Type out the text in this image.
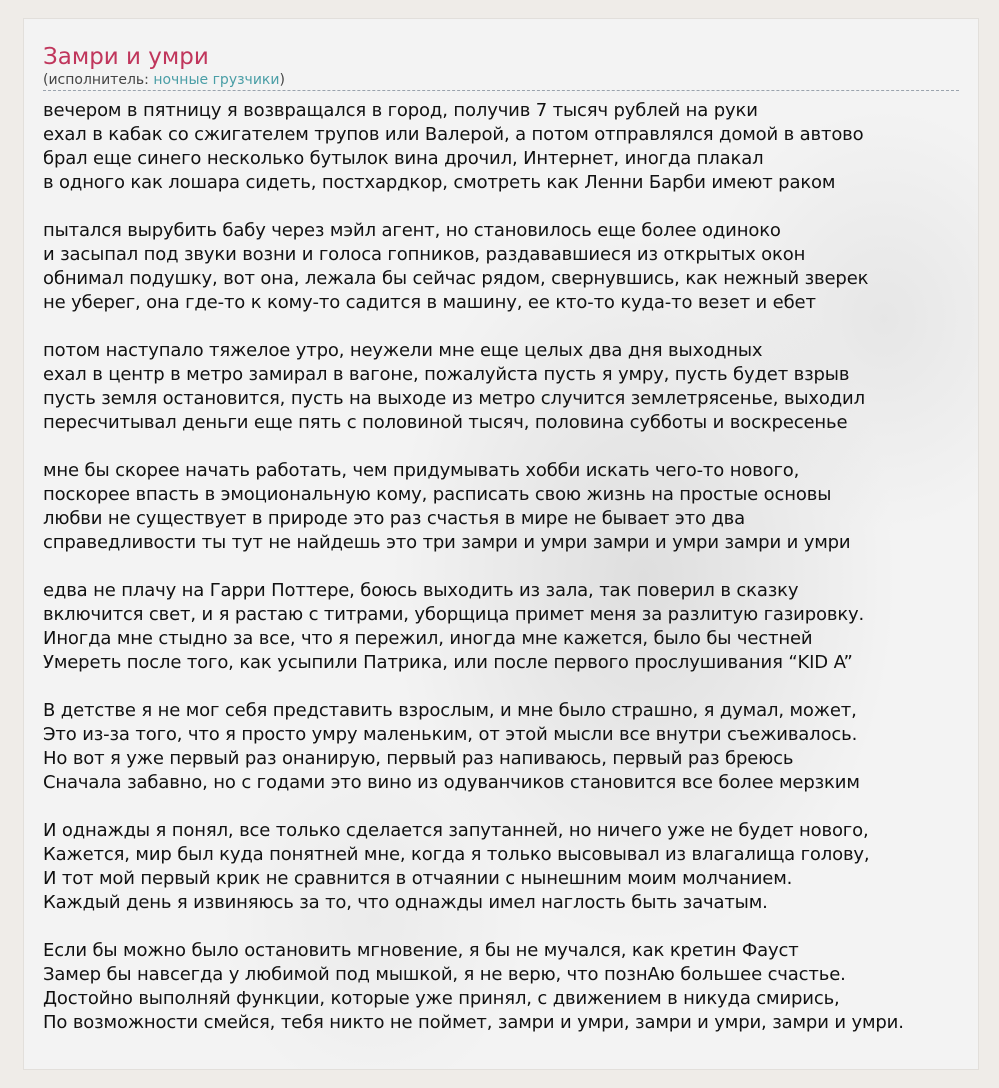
Замри и умри
(исполнитель: ночные грузчики)
вечером в пятницу я возвращался в город, получив 7 тысяч рублей на руки
ехал в кабак со сжигателем трупов или Валерой, а потом отправлялся домой в автово
брал еще синего несколько бутылок вина дрочил, Интернет, иногда плакал
в одного как лошара сидеть, постхардкор, смотреть как Ленни Барби имеют раком
пытался вырубить бабу через мэйл агент, но становилось еще более одиноко
и засыпал под звуки возни и голоса гопников, раздававшиеся из открытых окон
обнимал подушку, вот она, лежала бы сейчас рядом, свернувшись, как нежный зверек
не уберег, она где-то к кому-то садится в машину, ее кто-то куда-то везет и ебет
потом наступало тяжелое утро, неужели мне еще целых два дня выходных
ехал в центр в метро замирал в вагоне, пожалуйста пусть я умру, пусть будет взрыв
пусть земля остановится, пусть на выходе из метро случится землетрясенье, выходил
пересчитывал деньги еще пять с половиной тысяч, половина субботы и воскресенье
мне бы скорее начать работать, чем придумывать хобби искать чего-то нового,
поскорее впасть в эмоциональную кому, расписать свою жизнь на простые основы
любви не существует в природе это раз счастья в мире не бывает это два
справедливости ты тут не найдешь это три замри и умри замри и умри замри и умри
едва не плачу на Гарри Поттере, боюсь выходить из зала, так поверил в сказку
включится свет, и я растаю с титрами, уборщица примет меня за разлитую газировку.
Иногда мне стыдно за все, что я пережил, иногда мне кажется, было бы честней
Умереть после того, как усыпили Патрика, или после первого прослушивания “KID A”
В детстве я не мог себя представить взрослым, и мне было страшно, я думал, может,
Это из-за того, что я просто умру маленьким, от этой мысли все внутри съеживалось.
Но вот я уже первый раз онанирую, первый раз напиваюсь, первый раз бреюсь
Сначала забавно, но с годами это вино из одуванчиков становится все более мерзким
И однажды я понял, все только сделается запутанней, но ничего уже не будет нового,
Кажется, мир был куда понятней мне, когда я только высовывал из влагалища голову,
И тот мой первый крик не сравнится в отчаянии с нынешним моим молчанием.
Каждый день я извиняюсь за то, что однажды имел наглость быть зачатым.
Если бы можно было остановить мгновение, я бы не мучался, как кретин Фауст
Замер бы навсегда у любимой под мышкой, я не верю, что познАю большее счастье.
Достойно выполняй функции, которые уже принял, с движением в никуда смирись,
По возможности смейся, тебя никто не поймет, замри и умри, замри и умри, замри и умри.
